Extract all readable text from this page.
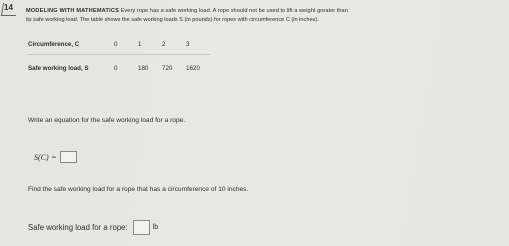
14 MODELING WITH MATHEMATICS Every rope has a safe working load. A rope should not be used to lift a weight greater than
its safe working load. The table shows the safe working loads S (in pounds) for ropes with circumference C (in inches).
Circumference, C	0	1	2	3
Safe working load, S	0	180	720	1620
Write an equation for the safe working load for a rope.
S(C) =
Find the safe working load for a rope that has a circumference of 10 inches.
Safe working load for a rope:	lb
